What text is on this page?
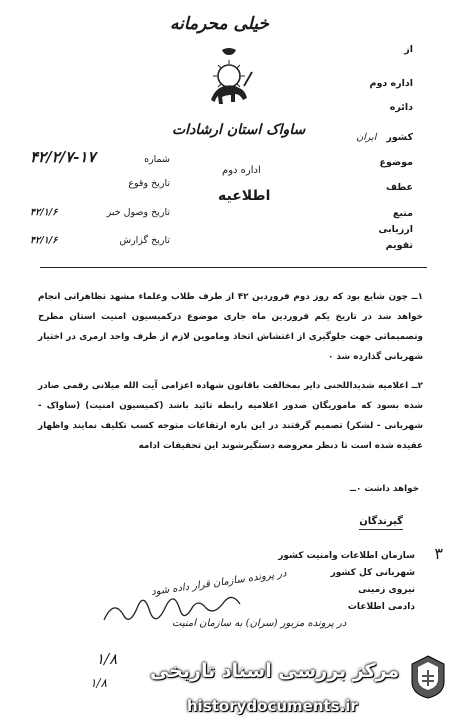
خیلی محرمانه
ساواک استان ارشادات
اداره دوم
اطلاعیه
از
اداره دوم
دائره
کشور
ایران
موضوع
عطف
منبع
ارزیابی
تقویم
شماره
۴۲/۲/۷-۱۷
تاریخ وقوع
تاریخ وصول خبر
۴۲/۱/۶
تاریخ گزارش
۴۲/۱/۶
۱ــ چون شایع بود که روز دوم فروردین ۴۲ از طرف طلاب وعلماء مشهد تظاهراتی انجام خواهد شد در تاریخ یکم فروردین ماه جاری موضوع درکمیسیون امنیت استان مطرح وتصمیماتی جهت جلوگیری از اغتشاش اتخاذ وماموین لازم از طرف واحد ارمری در اختیار شهربانی گذارده شد ۰
۲ــ اعلامیه شدیداللحنی دایر بمخالفت باقانون شهاده اعزامی آیت الله میلانی رقمی صادر شده بسود که ماموریگان صدور اعلامیه رابطه تائید باشد (کمیسیون امنیت) (ساواک - شهربانی - لشکر) تصمیم گرفتند در این باره ارتقاعات متوجه کسب تکلیف نمایند واظهار عقیده شده است تا دنظر معروضه دستگیرشوند این تحقیقات ادامه
خواهد داشت ۰ــ
گیرندگان
۳
سازمان اطلاعات وامنیت کشور
شهربانی کل کشور
نیروی زمینی
دادمی اطلاعات
در پرونده سازمان قرار داده شود
در پرونده مزبور (سران) به سازمان امنیت
۱/۸
۱/۸
مرکز بررسی اسناد تاریخی
historydocuments.ir
